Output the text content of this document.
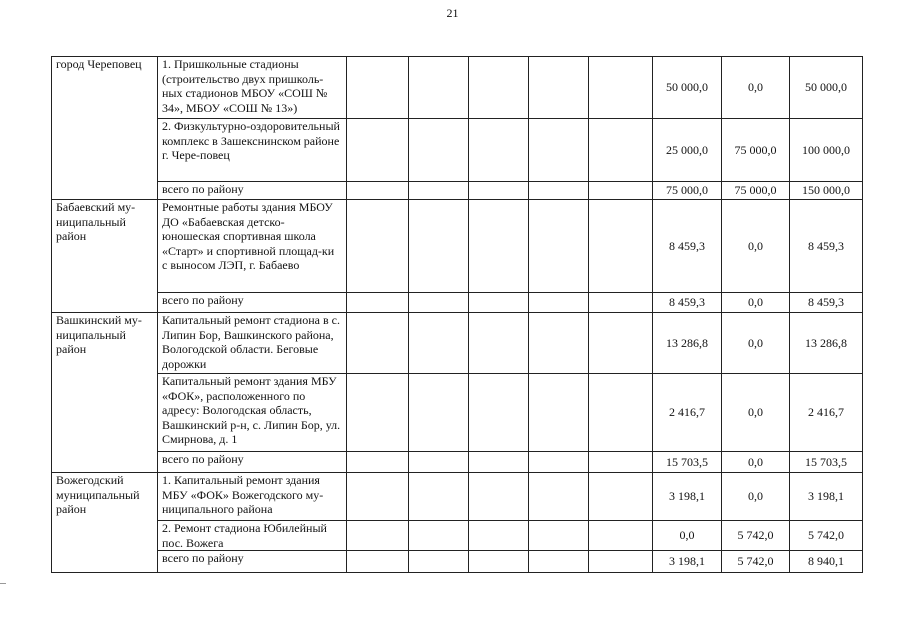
21
город Череповец	1. Пришкольные стадионы (строительство двух пришколь-ных стадионов МБОУ «СОШ № 34», МБОУ «СОШ № 13»)						50 000,0	0,0	50 000,0
	2. Физкультурно-оздоровительный комплекс в Зашекснинском районе г. Чере-повец						25 000,0	75 000,0	100 000,0
	всего по району						75 000,0	75 000,0	150 000,0
Бабаевский му-ниципальный район	Ремонтные работы здания МБОУ ДО «Бабаевская детско-юношеская спортивная школа «Старт» и спортивной площад-ки с выносом ЛЭП, г. Бабаево						8 459,3	0,0	8 459,3
	всего по району						8 459,3	0,0	8 459,3
Вашкинский му-ниципальный район	Капитальный ремонт стадиона в с. Липин Бор, Вашкинского района, Вологодской области. Беговые дорожки						13 286,8	0,0	13 286,8
	Капитальный ремонт здания МБУ «ФОК», расположенного по адресу: Вологодская область, Вашкинский р-н, с. Липин Бор, ул. Смирнова, д. 1						2 416,7	0,0	2 416,7
	всего по району						15 703,5	0,0	15 703,5
Вожегодский муниципальный район	1. Капитальный ремонт здания МБУ «ФОК» Вожегодского му-ниципального района						3 198,1	0,0	3 198,1
	2. Ремонт стадиона Юбилейный пос. Вожега						0,0	5 742,0	5 742,0
	всего по району						3 198,1	5 742,0	8 940,1
